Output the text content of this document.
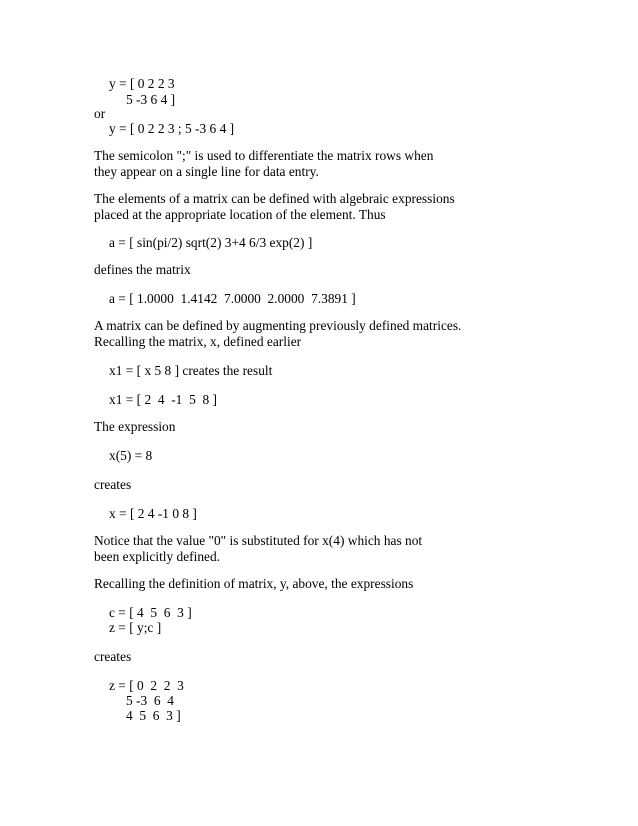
y = [ 0 2 2 3
5 -3 6 4 ]
or
y = [ 0 2 2 3 ; 5 -3 6 4 ]
The semicolon ";" is used to differentiate the matrix rows when
they appear on a single line for data entry.
The elements of a matrix can be defined with algebraic expressions
placed at the appropriate location of the element. Thus
a = [ sin(pi/2) sqrt(2) 3+4 6/3 exp(2) ]
defines the matrix
a = [ 1.0000  1.4142  7.0000  2.0000  7.3891 ]
A matrix can be defined by augmenting previously defined matrices.
Recalling the matrix, x, defined earlier
x1 = [ x 5 8 ] creates the result
x1 = [ 2  4  -1  5  8 ]
The expression
x(5) = 8
creates
x = [ 2 4 -1 0 8 ]
Notice that the value "0" is substituted for x(4) which has not
been explicitly defined.
Recalling the definition of matrix, y, above, the expressions
c = [ 4  5  6  3 ]
z = [ y;c ]
creates
z = [ 0  2  2  3
5 -3  6  4
4  5  6  3 ]
